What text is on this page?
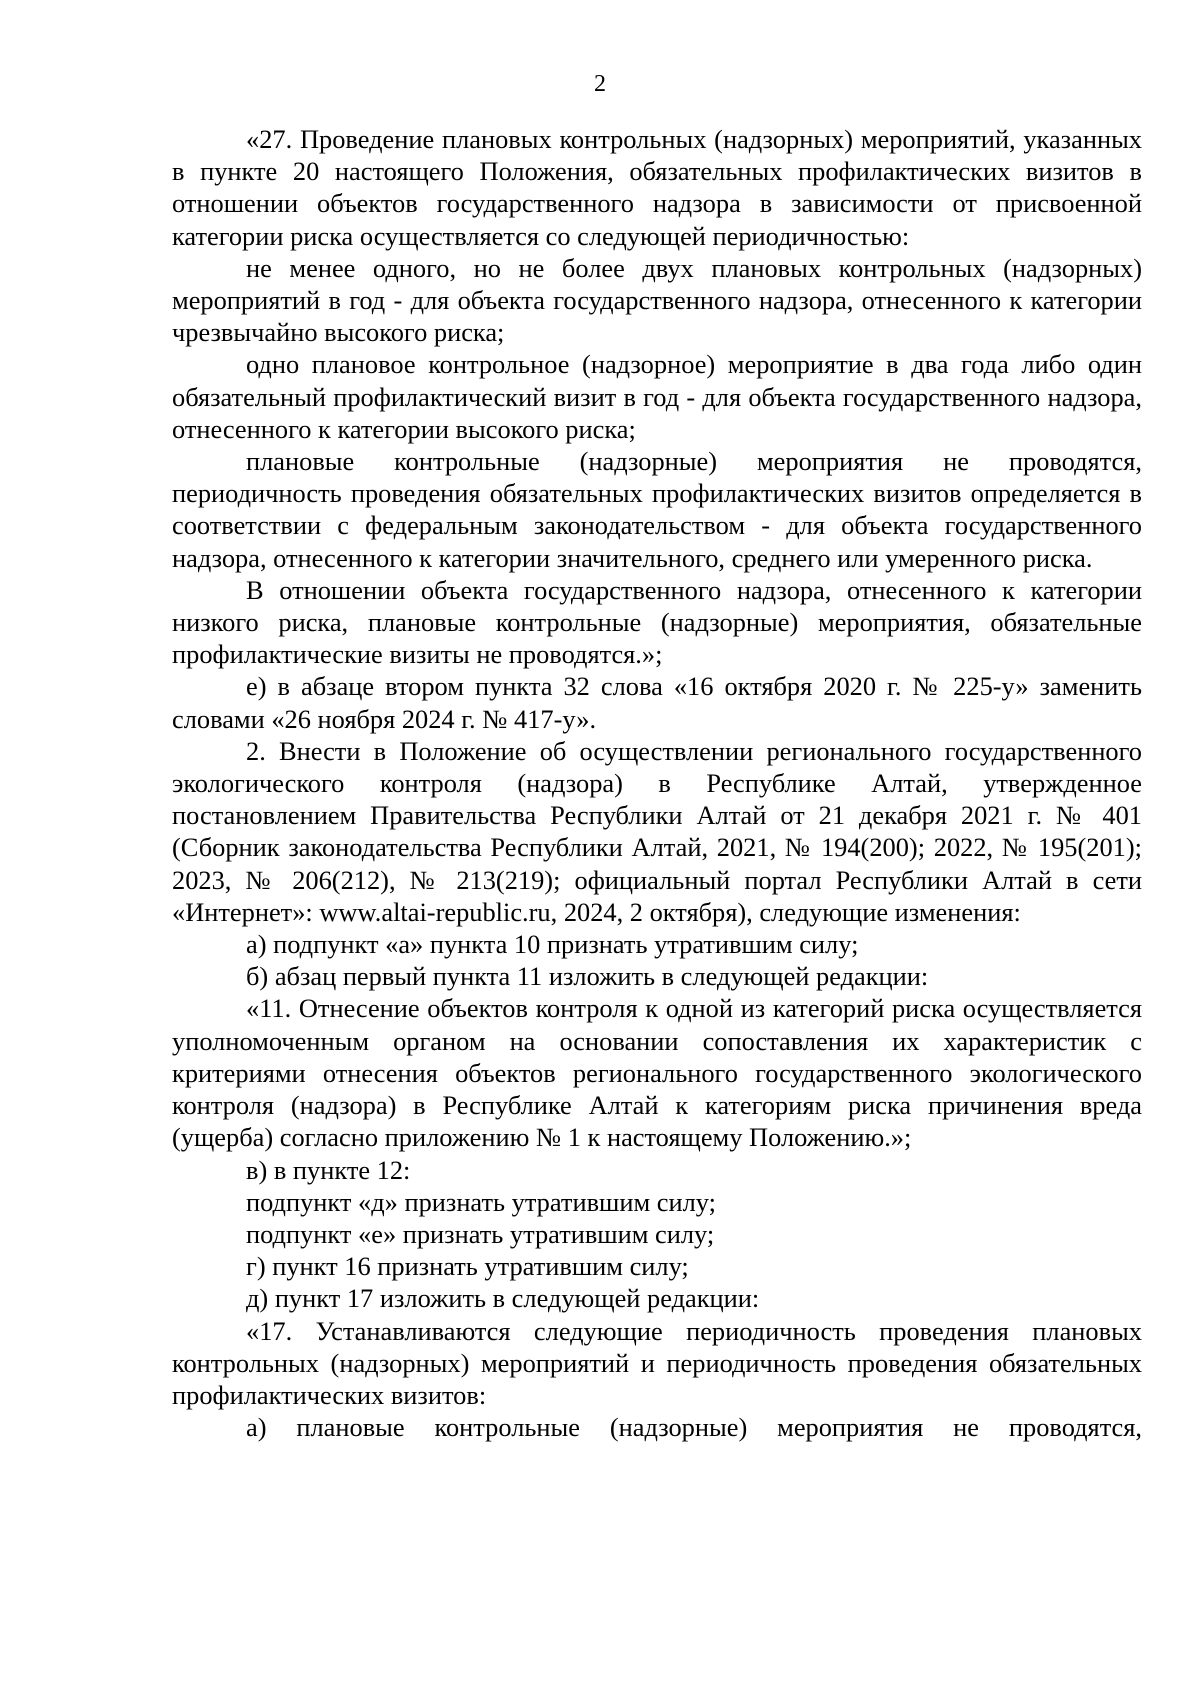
2

«27. Проведение плановых контрольных (надзорных) мероприятий, указанных в пункте 20 настоящего Положения, обязательных профилактических визитов в отношении объектов государственного надзора в зависимости от присвоенной категории риска осуществляется со следующей периодичностью:

не менее одного, но не более двух плановых контрольных (надзорных) мероприятий в год - для объекта государственного надзора, отнесенного к категории чрезвычайно высокого риска;

одно плановое контрольное (надзорное) мероприятие в два года либо один обязательный профилактический визит в год - для объекта государственного надзора, отнесенного к категории высокого риска;

плановые контрольные (надзорные) мероприятия не проводятся, периодичность проведения обязательных профилактических визитов определяется в соответствии с федеральным законодательством - для объекта государственного надзора, отнесенного к категории значительного, среднего или умеренного риска.

В отношении объекта государственного надзора, отнесенного к категории низкого риска, плановые контрольные (надзорные) мероприятия, обязательные профилактические визиты не проводятся.»;

е) в абзаце втором пункта 32 слова «16 октября 2020 г. № 225-у» заменить словами «26 ноября 2024 г. № 417-у».

2. Внести в Положение об осуществлении регионального государственного экологического контроля (надзора) в Республике Алтай, утвержденное постановлением Правительства Республики Алтай от 21 декабря 2021 г. № 401 (Сборник законодательства Республики Алтай, 2021, № 194(200); 2022, № 195(201); 2023, № 206(212), № 213(219); официальный портал Республики Алтай в сети «Интернет»: www.altai-republic.ru, 2024, 2 октября), следующие изменения:

а) подпункт «а» пункта 10 признать утратившим силу;

б) абзац первый пункта 11 изложить в следующей редакции:

«11. Отнесение объектов контроля к одной из категорий риска осуществляется уполномоченным органом на основании сопоставления их характеристик с критериями отнесения объектов регионального государственного экологического контроля (надзора) в Республике Алтай к категориям риска причинения вреда (ущерба) согласно приложению № 1 к настоящему Положению.»;

в) в пункте 12:

подпункт «д» признать утратившим силу;

подпункт «е» признать утратившим силу;

г) пункт 16 признать утратившим силу;

д) пункт 17 изложить в следующей редакции:

«17. Устанавливаются следующие периодичность проведения плановых контрольных (надзорных) мероприятий и периодичность проведения обязательных профилактических визитов:

а) плановые контрольные (надзорные) мероприятия не проводятся,
